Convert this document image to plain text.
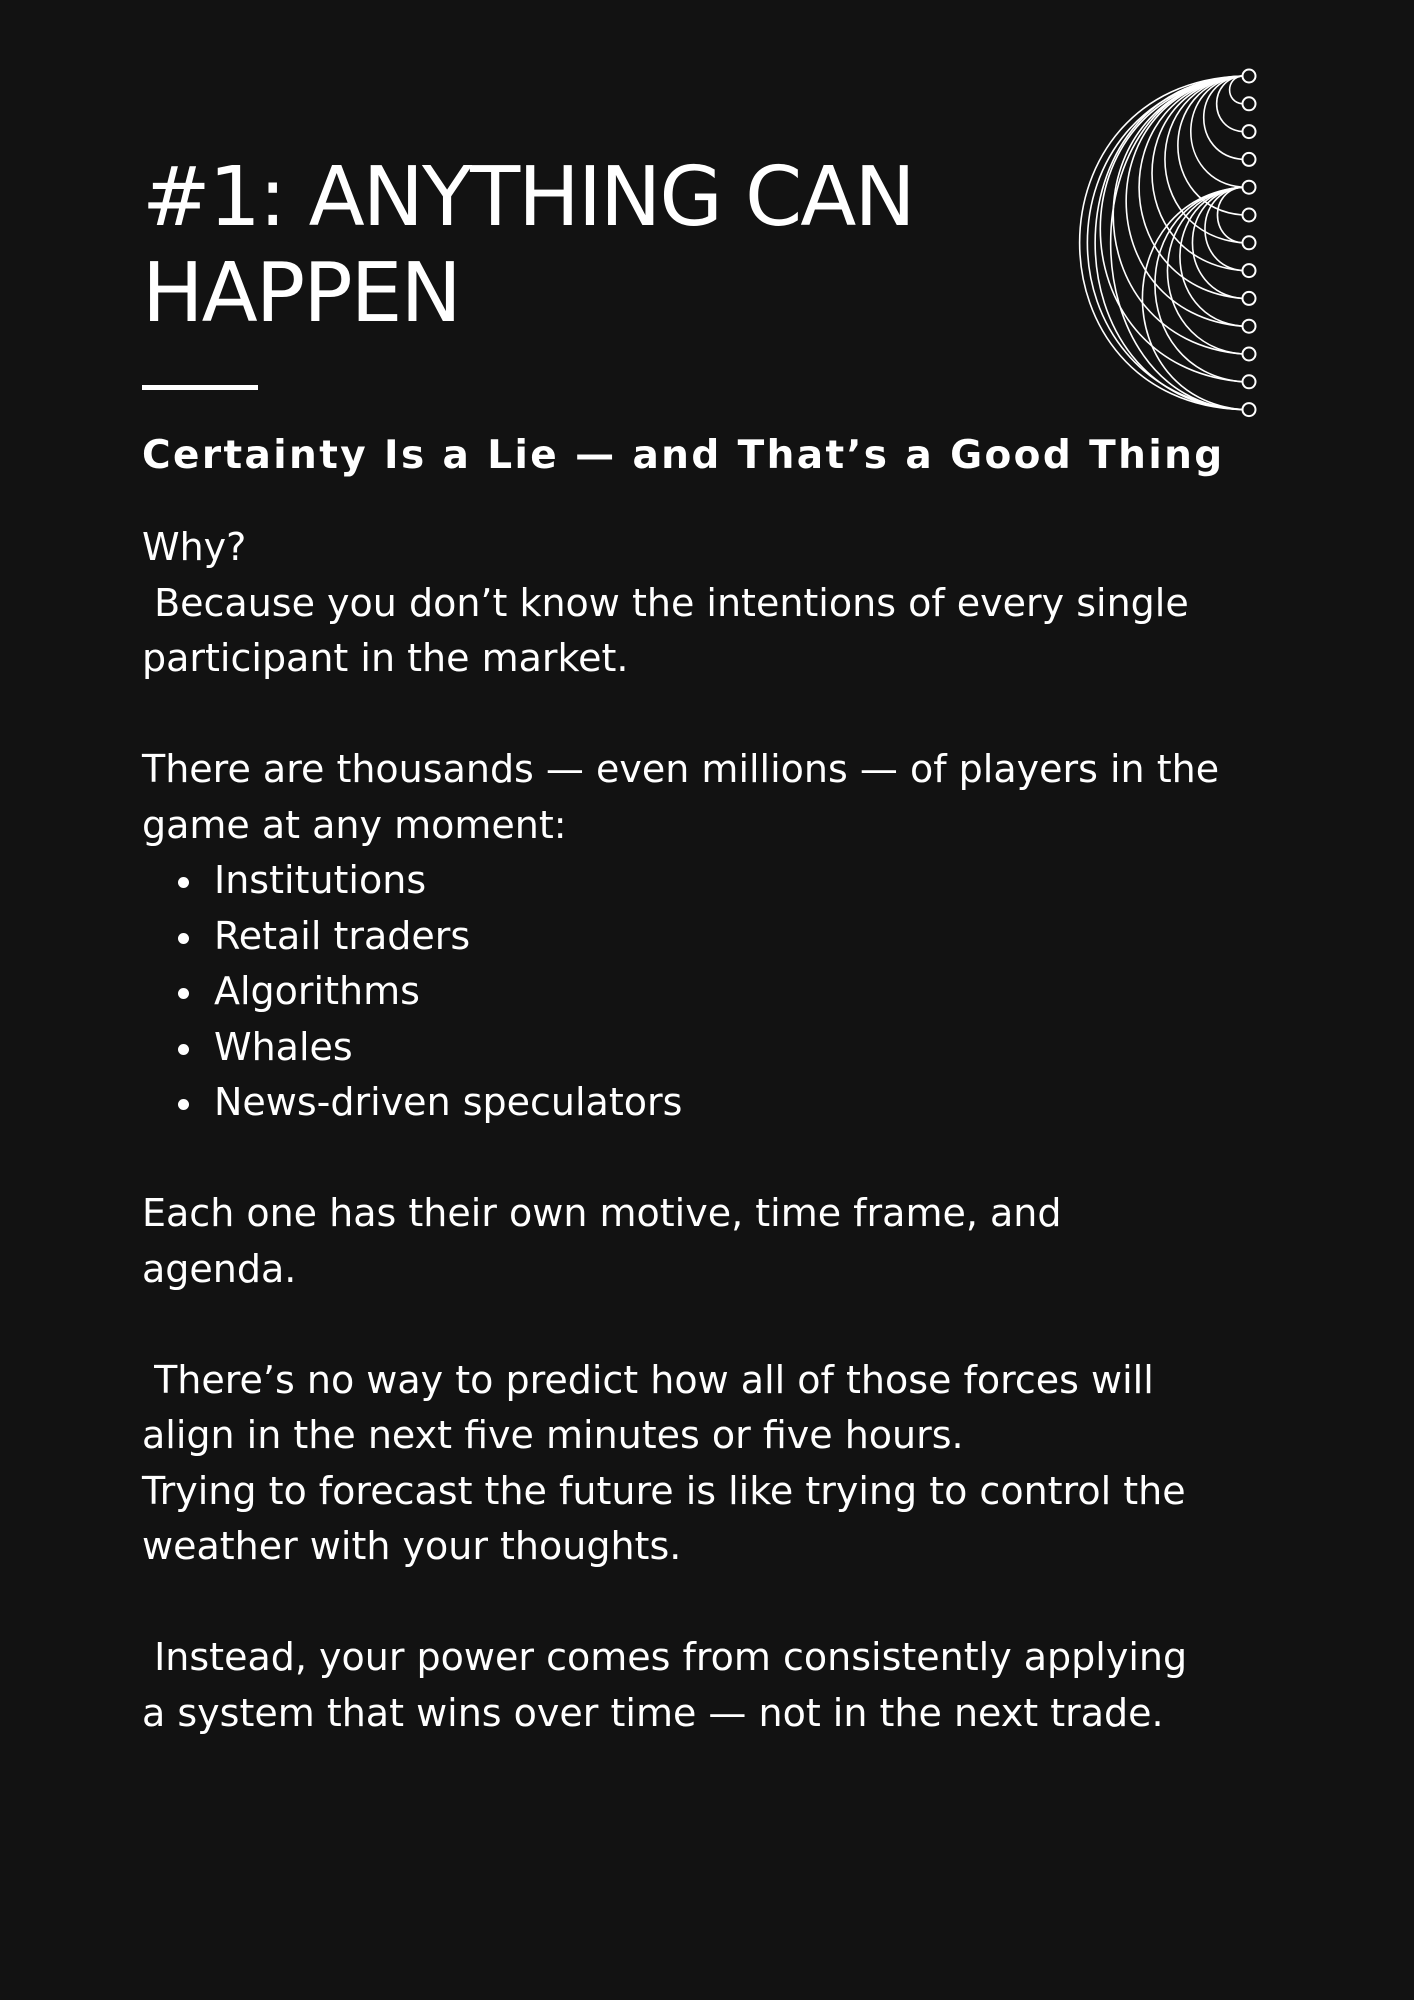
#1: ANYTHING CAN
HAPPEN
Certainty Is a Lie — and That’s a Good Thing

Why?

Because you don’t know the intentions of every single

participant in the market.

There are thousands — even millions — of players in the

game at any moment:

Institutions
Retail traders
Algorithms
Whales
News-driven speculators

Each one has their own motive, time frame, and

agenda.

There’s no way to predict how all of those forces will

align in the next five minutes or five hours.

Trying to forecast the future is like trying to control the

weather with your thoughts.

Instead, your power comes from consistently applying

a system that wins over time — not in the next trade.
